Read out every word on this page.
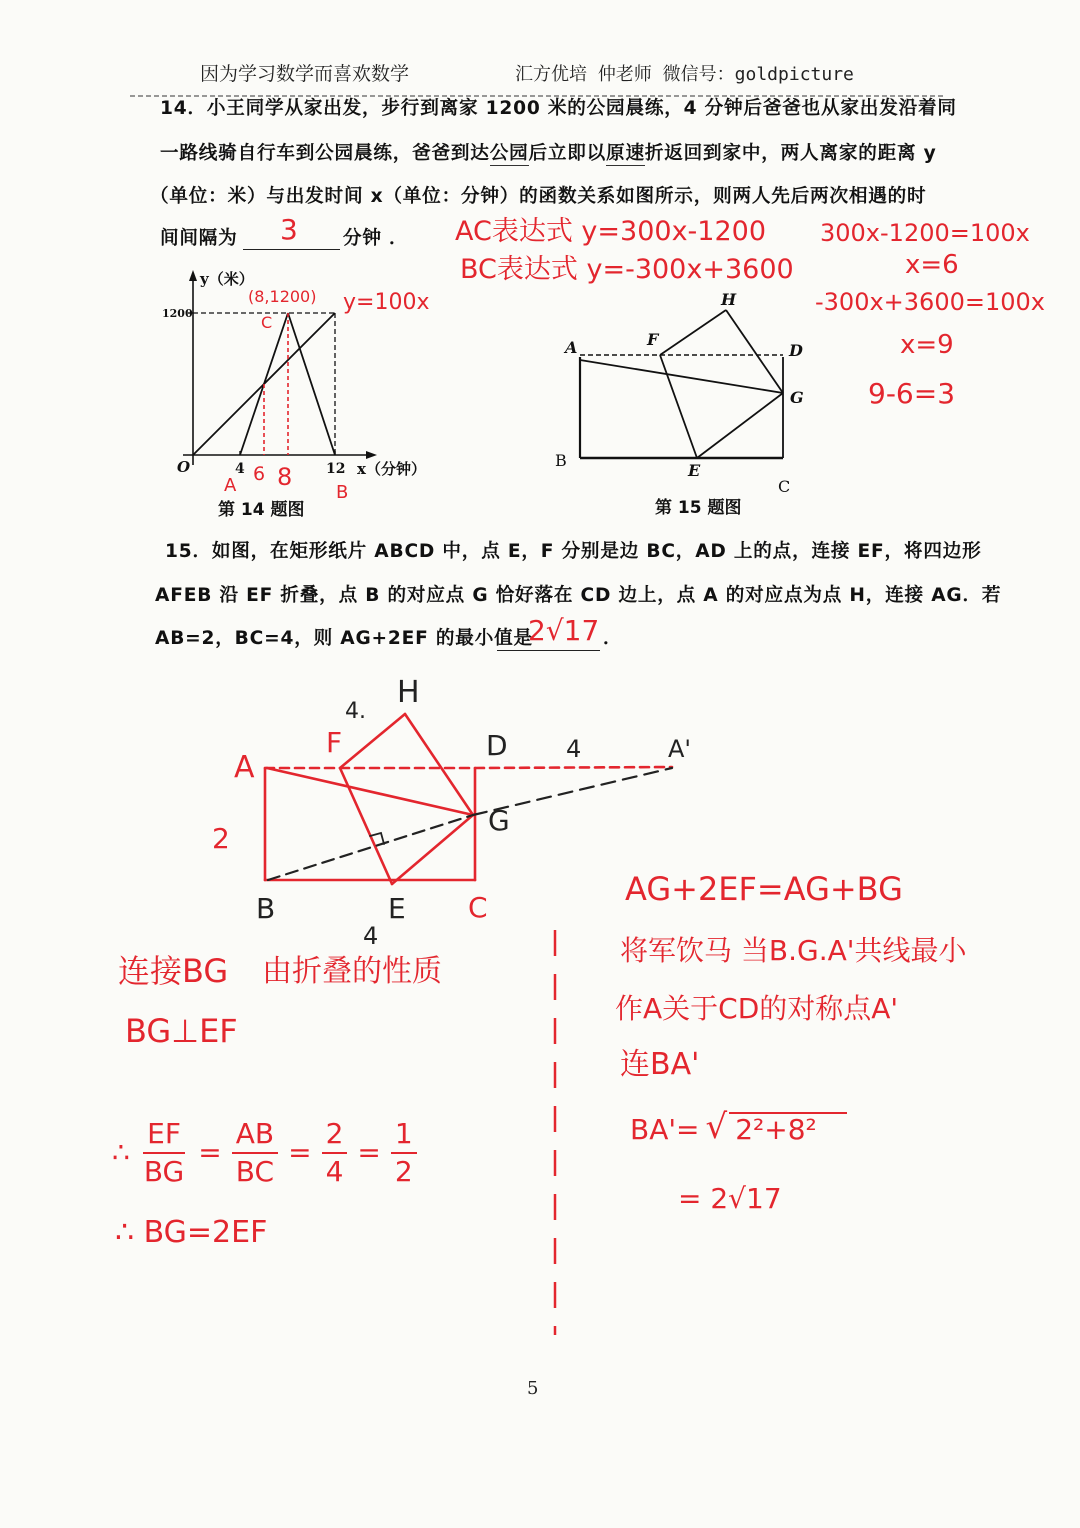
y（米）
1200
O	4	12 x（分钟）
第 14 题图
(8,1200)
C
y=100x
6 8
A	B
A	F
H
D
G
B
E
C
第 15 题图
A
F
4.
H
D 4	A'
2
G
B	E
4
C
因为学习数学而喜欢数学	汇方优培 仲老师 微信号：goldpicture
14．小王同学从家出发，步行到离家 1200 米的公园晨练，4 分钟后爸爸也从家出发沿着同
一路线骑自行车到公园晨练，爸爸到达公园后立即以原速折返回到家中，两人离家的距离 y
（单位：米）与出发时间 x（单位：分钟）的函数关系如图所示，则两人先后两次相遇的时
间间隔为 3 分钟 ． AC表达式 y=300x-1200
BC表达式 y=-300x+3600
300x-1200=100x
x=6
-300x+3600=100x
x=9
9-6=3
15．如图，在矩形纸片 ABCD 中，点 E，F 分别是边 BC，AD 上的点，连接 EF，将四边形
AFEB 沿 EF 折叠，点 B 的对应点 G 恰好落在 CD 边上，点 A 的对应点为点 H，连接 AG．若
AB=2，BC=4，则 AG+2EF 的最小值是
2√17 ．
连接BG 由折叠的性质
BG⊥EF
∴ $\frac{EF}{BG} = \frac{AB}{BC} = \frac{2}{4} = \frac{1}{2}$
∴ BG=2EF
AG+2EF=AG+BG
将军饮马 当B.G.A'共线最小
作A关于CD的对称点A'
连BA'
BA'= √ 2²+8²
= 2√17
5
